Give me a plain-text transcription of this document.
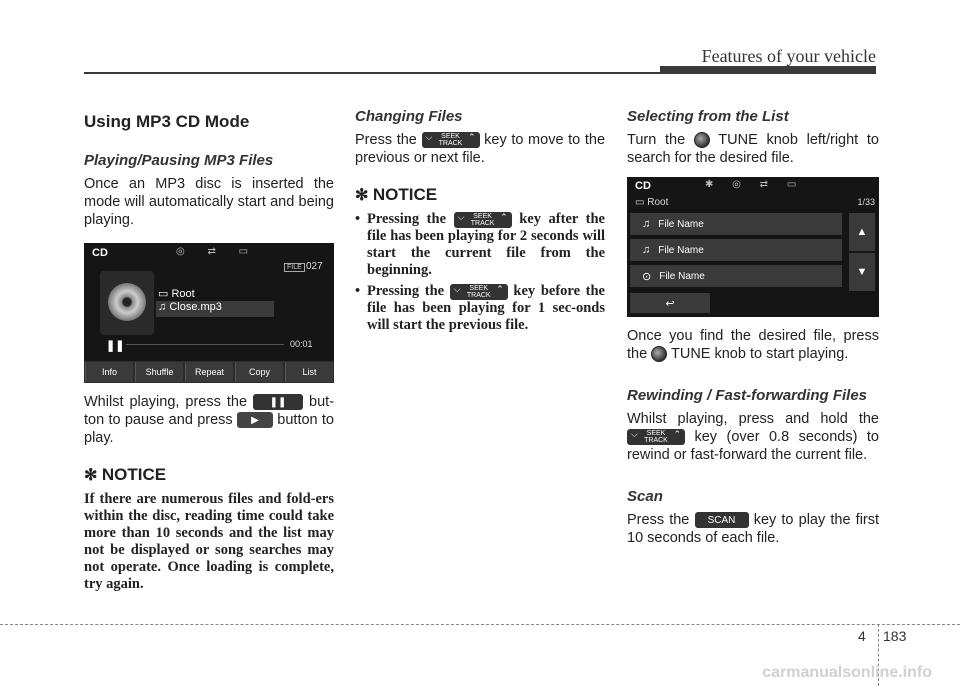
Features of your vehicle
Using MP3 CD Mode
Playing/Pausing MP3 Files
Once an MP3 disc is inserted the mode will automatically start and being playing.
CD	◎ ⇄ ▭
FILE 027
▭ Root
♫ Close.mp3
❚❚	00:01
Info	Shuffle	Repeat	Copy	List
Whilst playing, press the ❚❚ but-ton to pause and press ▶ button to play.
✻ NOTICE
If there are numerous files and fold-ers within the disc, reading time could take more than 10 seconds and the list may not be displayed or song searches may not operate. Once loading is complete, try again.
Changing Files
Press the ⌵ SEEK
TRACK
⌃ key to move to the previous or next file.
✻ NOTICE
• Pressing the ⌵ SEEK
TRACK
⌃ key after the file has been playing for 2 seconds will start the current file from the beginning.
• Pressing the ⌵ SEEK
TRACK
⌃ key before the file has been playing for 1 sec-onds will start the previous file.
Selecting from the List
Turn the TUNE knob left/right to search for the desired file.
CD	✱ ◎ ⇄ ▭
▭ Root	1/33
♫ File Name
♫ File Name
⊙ File Name
▲
▼
↩
Once you find the desired file, press the TUNE knob to start playing.
Rewinding / Fast-forwarding Files
Whilst playing, press and hold the
⌵ SEEK
TRACK
⌃ key (over 0.8 seconds) to rewind or fast-forward the current file.
Scan
Press the SCAN key to play the first 10 seconds of each file.
4 183
carmanualsonline.info
